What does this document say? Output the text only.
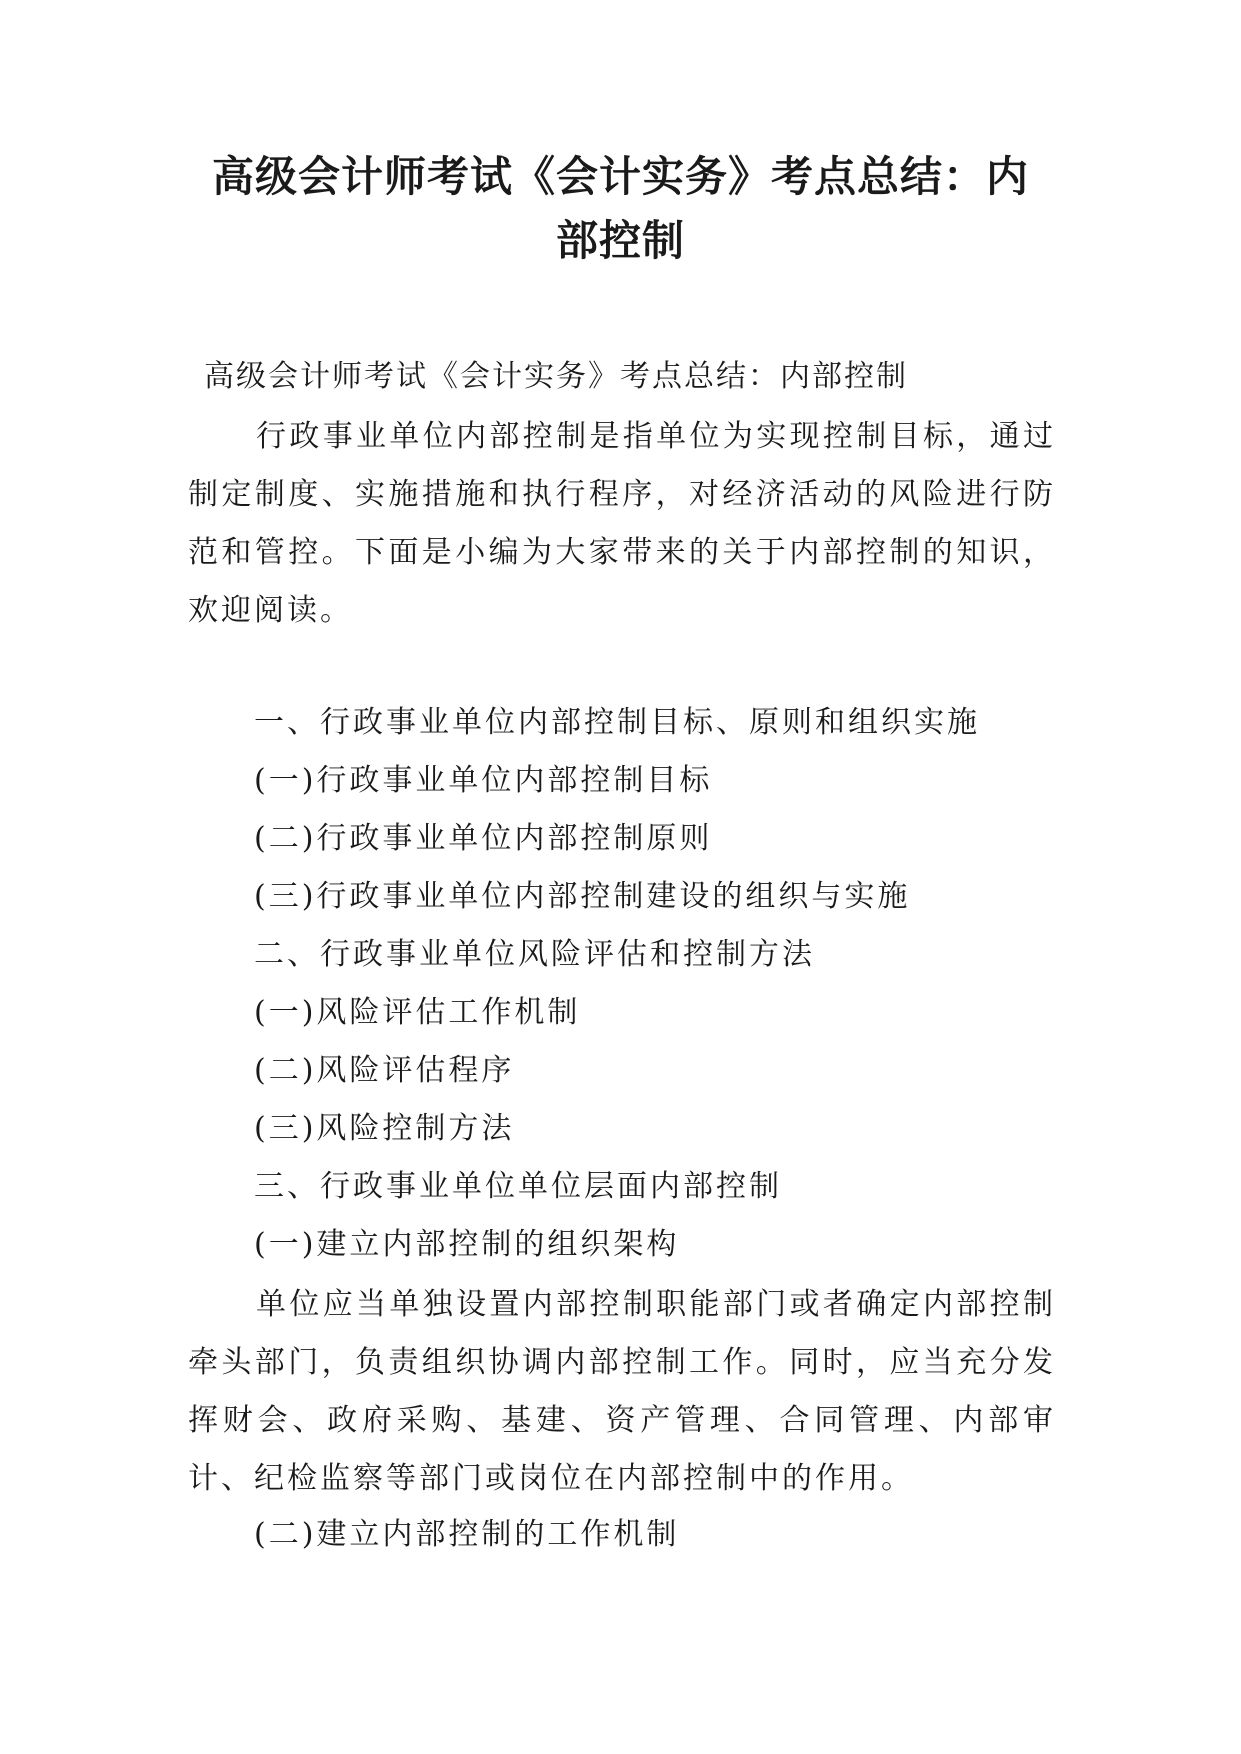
高级会计师考试《会计实务》考点总结：内
部控制

高级会计师考试《会计实务》考点总结：内部控制

行政事业单位内部控制是指单位为实现控制目标，通过制定制度、实施措施和执行程序，对经济活动的风险进行防范和管控。下面是小编为大家带来的关于内部控制的知识，欢迎阅读。

一、行政事业单位内部控制目标、原则和组织实施

(一)行政事业单位内部控制目标

(二)行政事业单位内部控制原则

(三)行政事业单位内部控制建设的组织与实施

二、行政事业单位风险评估和控制方法

(一)风险评估工作机制

(二)风险评估程序

(三)风险控制方法

三、行政事业单位单位层面内部控制

(一)建立内部控制的组织架构

单位应当单独设置内部控制职能部门或者确定内部控制牵头部门，负责组织协调内部控制工作。同时，应当充分发挥财会、政府采购、基建、资产管理、合同管理、内部审计、纪检监察等部门或岗位在内部控制中的作用。

(二)建立内部控制的工作机制
